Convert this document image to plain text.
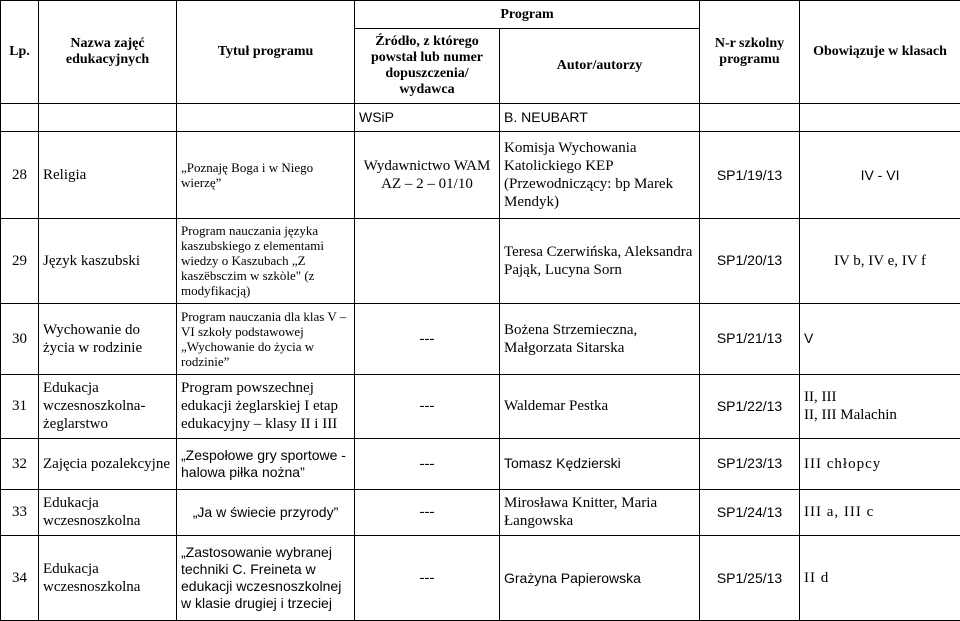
Lp.	Nazwa zajęć edukacyjnych	Tytuł programu	Program		N-r szkolny programu	Obowiązuje w klasach
			Źródło, z którego powstał lub numer dopuszczenia/ wydawca	Autor/autorzy		
			WSiP	B. NEUBART		
28	Religia	„Poznaję Boga i w Niego wierzę”	Wydawnictwo WAM AZ – 2 – 01/10	Komisja Wychowania Katolickiego KEP (Przewodniczący: bp Marek Mendyk)	SP1/19/13	IV - VI
29	Język kaszubski	Program nauczania języka kaszubskiego z elementami wiedzy o Kaszubach „Z kaszëbsczim w szkòle" (z modyfikacją)		Teresa Czerwińska, Aleksandra Pająk, Lucyna Sorn	SP1/20/13	IV b, IV e, IV f
30	Wychowanie do życia w rodzinie	Program nauczania dla klas V – VI szkoły podstawowej „Wychowanie do życia w rodzinie”	---	Bożena Strzemieczna, Małgorzata Sitarska	SP1/21/13	V
31	Edukacja wczesnoszkolna-żeglarstwo	Program powszechnej edukacji żeglarskiej I etap edukacyjny – klasy II i III	---	Waldemar Pestka	SP1/22/13	II, III
II, III Malachin
32	Zajęcia pozalekcyjne	„Zespołowe gry sportowe - halowa piłka nożna”	---	Tomasz Kędzierski	SP1/23/13	III chłopcy
33	Edukacja wczesnoszkolna	„Ja w świecie przyrody”	---	Mirosława Knitter, Maria Łangowska	SP1/24/13	III a, III c
34	Edukacja wczesnoszkolna	„Zastosowanie wybranej techniki C. Freineta w edukacji wczesnoszkolnej w klasie drugiej i trzeciej	---	Grażyna Papierowska	SP1/25/13	II d
